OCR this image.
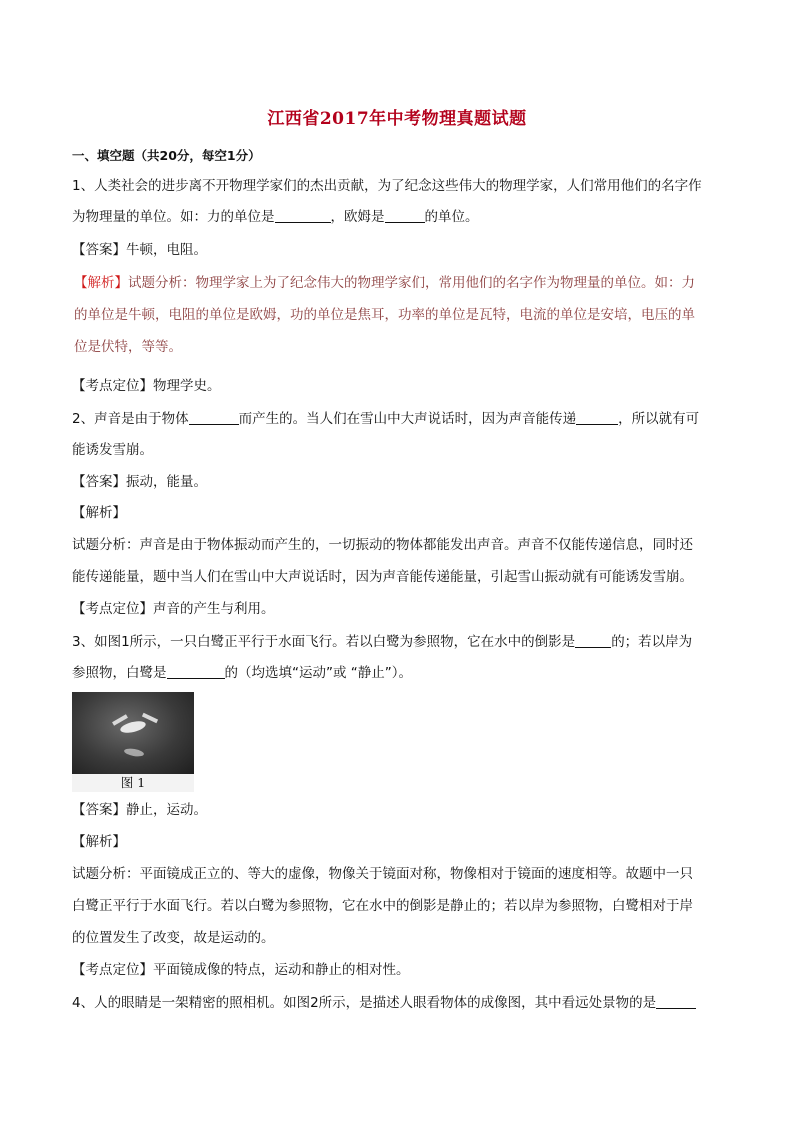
江西省2017年中考物理真题试题
一、填空题（共20分，每空1分）
1、人类社会的进步离不开物理学家们的杰出贡献，为了纪念这些伟大的物理学家，人们常用他们的名字作
为物理量的单位。如：力的单位是	，欧姆是	的单位。
【答案】牛顿，电阻。
【解析】试题分析：物理学家上为了纪念伟大的物理学家们，常用他们的名字作为物理量的单位。如：力
的单位是牛顿，电阻的单位是欧姆，功的单位是焦耳，功率的单位是瓦特，电流的单位是安培，电压的单
位是伏特，等等。
【考点定位】物理学史。
2、声音是由于物体	而产生的。当人们在雪山中大声说话时，因为声音能传递	，所以就有可
能诱发雪崩。
【答案】振动，能量。
【解析】
试题分析：声音是由于物体振动而产生的，一切振动的物体都能发出声音。声音不仅能传递信息，同时还
能传递能量，题中当人们在雪山中大声说话时，因为声音能传递能量，引起雪山振动就有可能诱发雪崩。
【考点定位】声音的产生与利用。
3、如图1所示，一只白鹭正平行于水面飞行。若以白鹭为参照物，它在水中的倒影是	的；若以岸为
参照物，白鹭是	的（均选填“运动”或 “静止”）。
图 1
【答案】静止，运动。
【解析】
试题分析：平面镜成正立的、等大的虚像，物像关于镜面对称，物像相对于镜面的速度相等。故题中一只
白鹭正平行于水面飞行。若以白鹭为参照物，它在水中的倒影是静止的；若以岸为参照物，白鹭相对于岸
的位置发生了改变，故是运动的。
【考点定位】平面镜成像的特点，运动和静止的相对性。
4、人的眼睛是一架精密的照相机。如图2所示，是描述人眼看物体的成像图，其中看远处景物的是
